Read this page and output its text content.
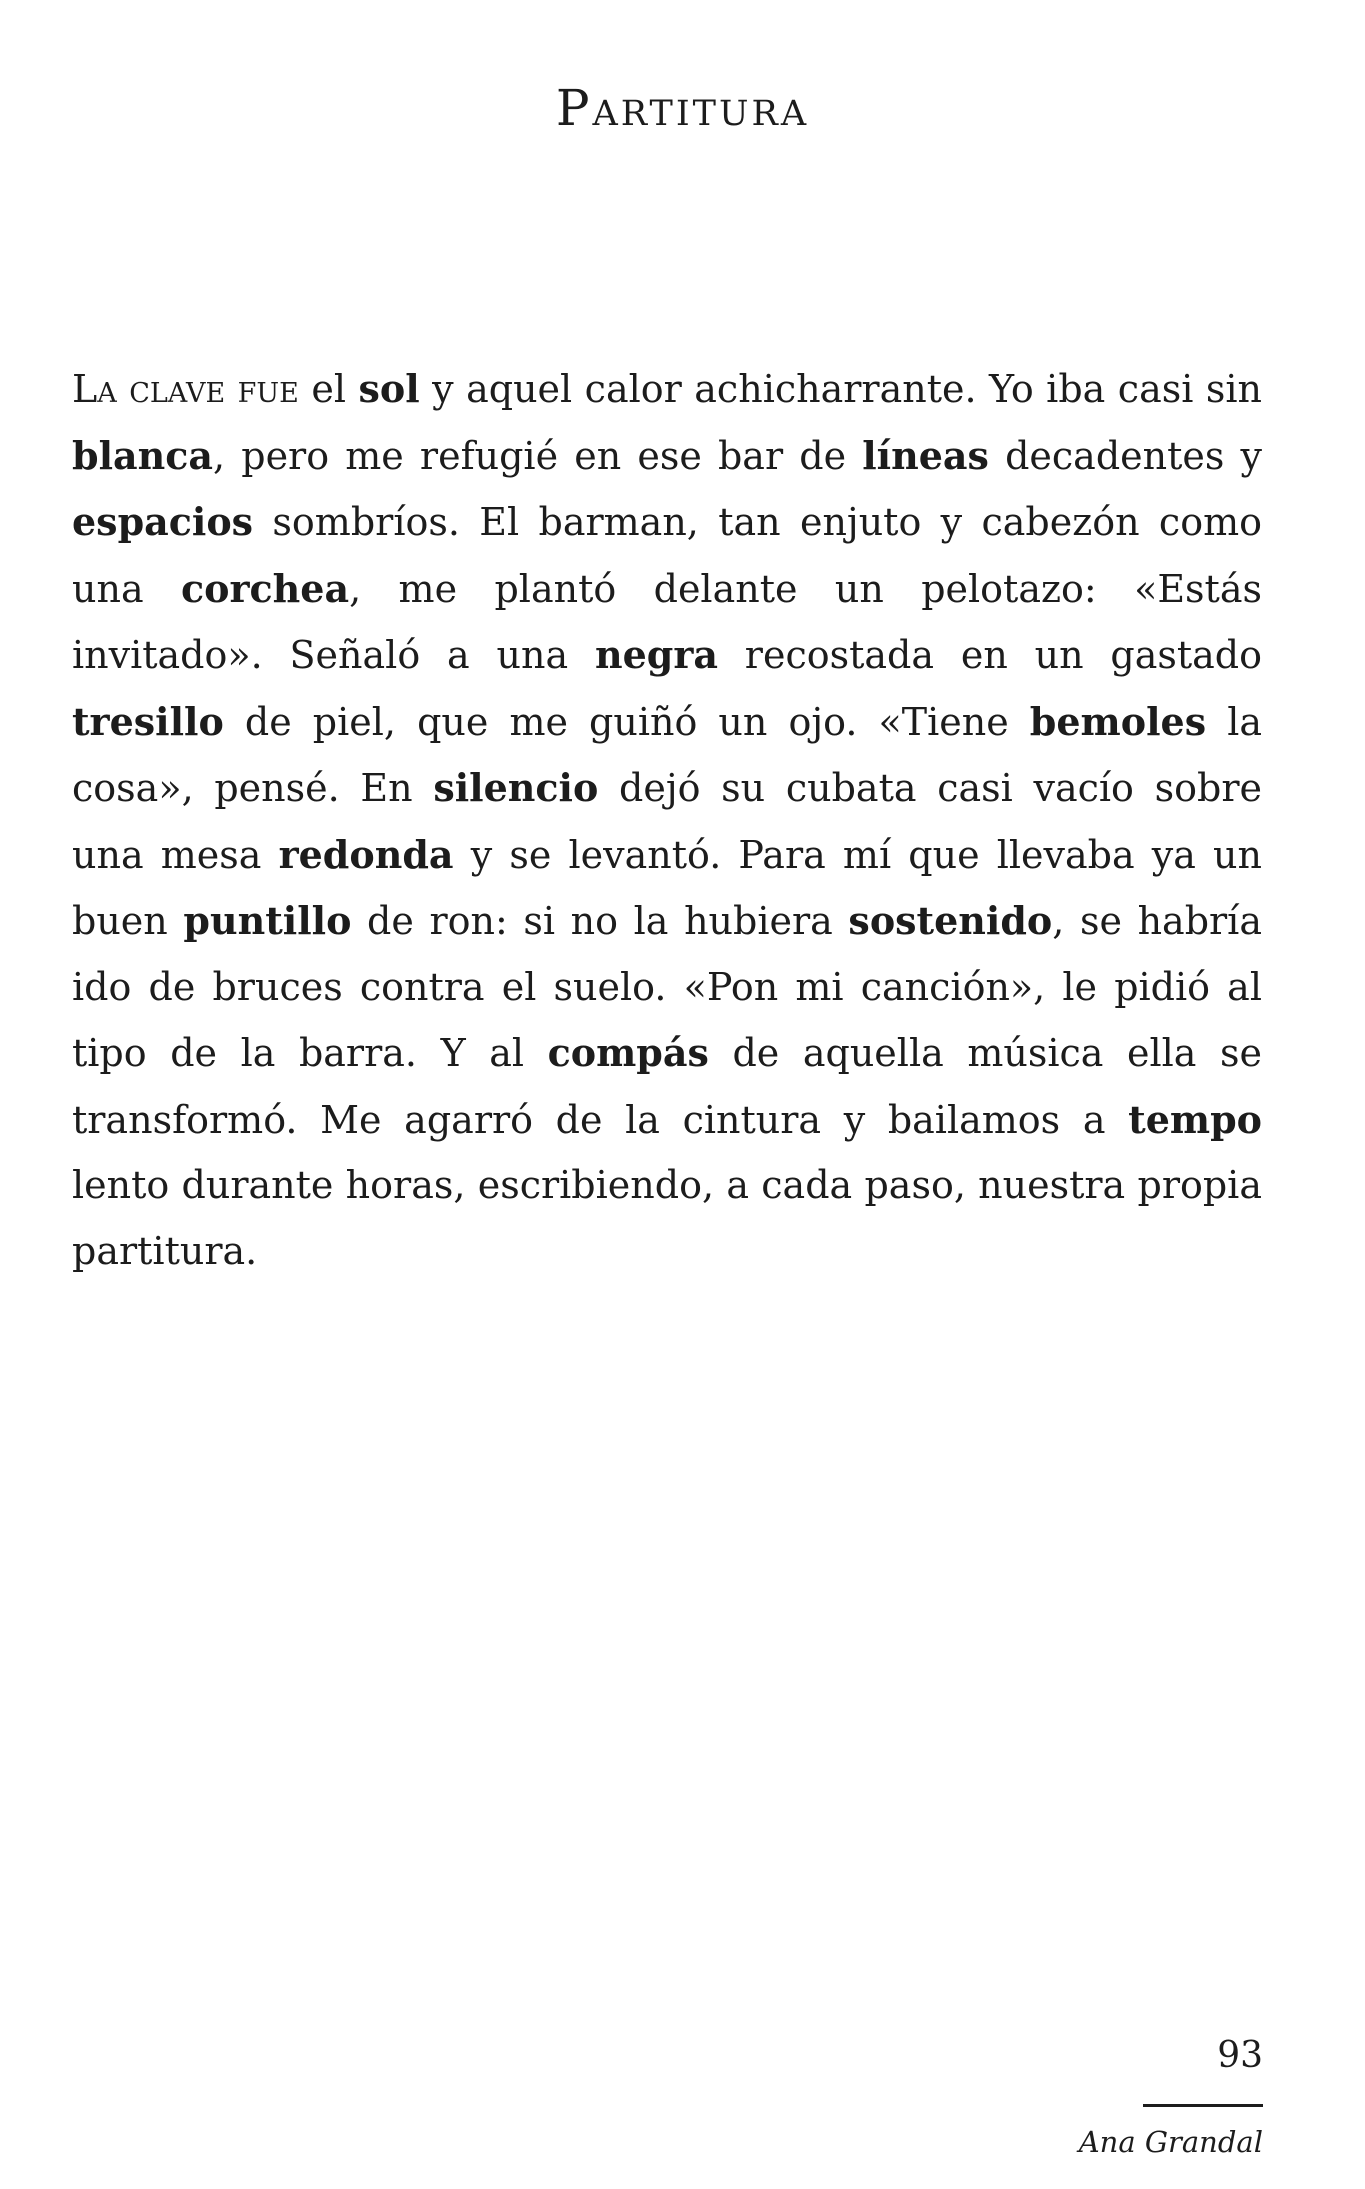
Partitura

La clave fue el sol y aquel calor achicharrante. Yo iba casi sin blanca, pero me refugié en ese bar de líneas decadentes y espacios sombríos. El barman, tan enjuto y cabezón como una corchea, me plantó delante un pelotazo: «Estás invitado». Señaló a una negra recostada en un gastado tresillo de piel, que me guiñó un ojo. «Tiene bemoles la cosa», pensé. En silencio dejó su cubata casi vacío sobre una mesa redonda y se levantó. Para mí que llevaba ya un buen puntillo de ron: si no la hubiera sostenido, se habría ido de bruces contra el suelo. «Pon mi canción», le pidió al tipo de la barra. Y al compás de aquella música ella se transformó. Me agarró de la cintura y bailamos a tempo lento durante horas, escribiendo, a cada paso, nuestra propia partitura.

93
Ana Grandal
